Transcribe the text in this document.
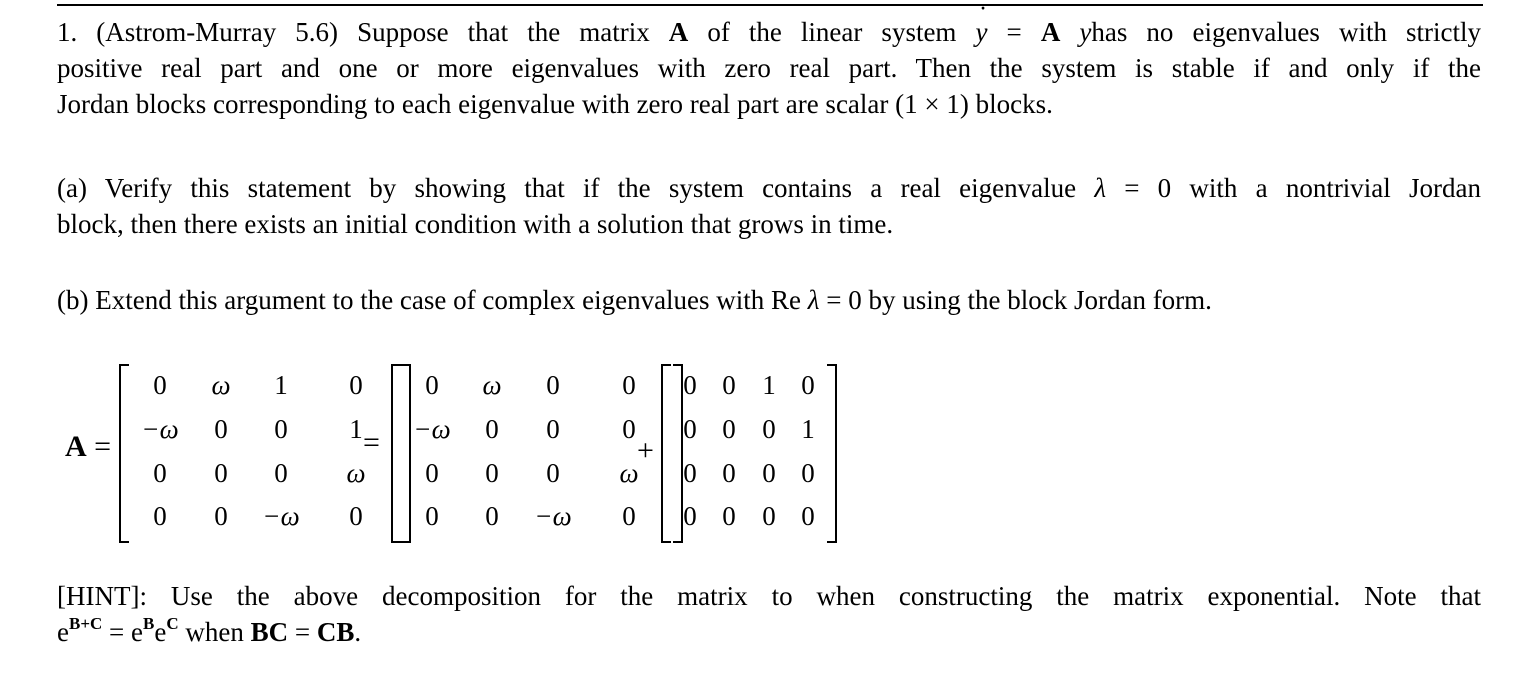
1. (Astrom-Murray 5.6) Suppose that the matrix A of the linear system ˙ y = A yhas no eigenvalues with strictly
positive real part and one or more eigenvalues with zero real part. Then the system is stable if and only if the
Jordan blocks corresponding to each eigenvalue with zero real part are scalar (1 × 1) blocks.
(a) Verify this statement by showing that if the system contains a real eigenvalue λ = 0 with a nontrivial Jordan
block, then there exists an initial condition with a solution that grows in time.
(b) Extend this argument to the case of complex eigenvalues with Re λ = 0 by using the block Jordan form.
A =
0	ω	1	0
−ω	0	0	1
0	0	0	ω
0	0	−ω	0
=
0	ω	0	0
−ω	0	0	0
0	0	0	ω
0	0	−ω	0
+
0 0 1 0
0 0 0 1
0 0 0 0
0 0 0 0
[HINT]: Use the above decomposition for the matrix to when constructing the matrix exponential. Note that
$e^{B+C} = e^Be^C$ when BC = CB.
